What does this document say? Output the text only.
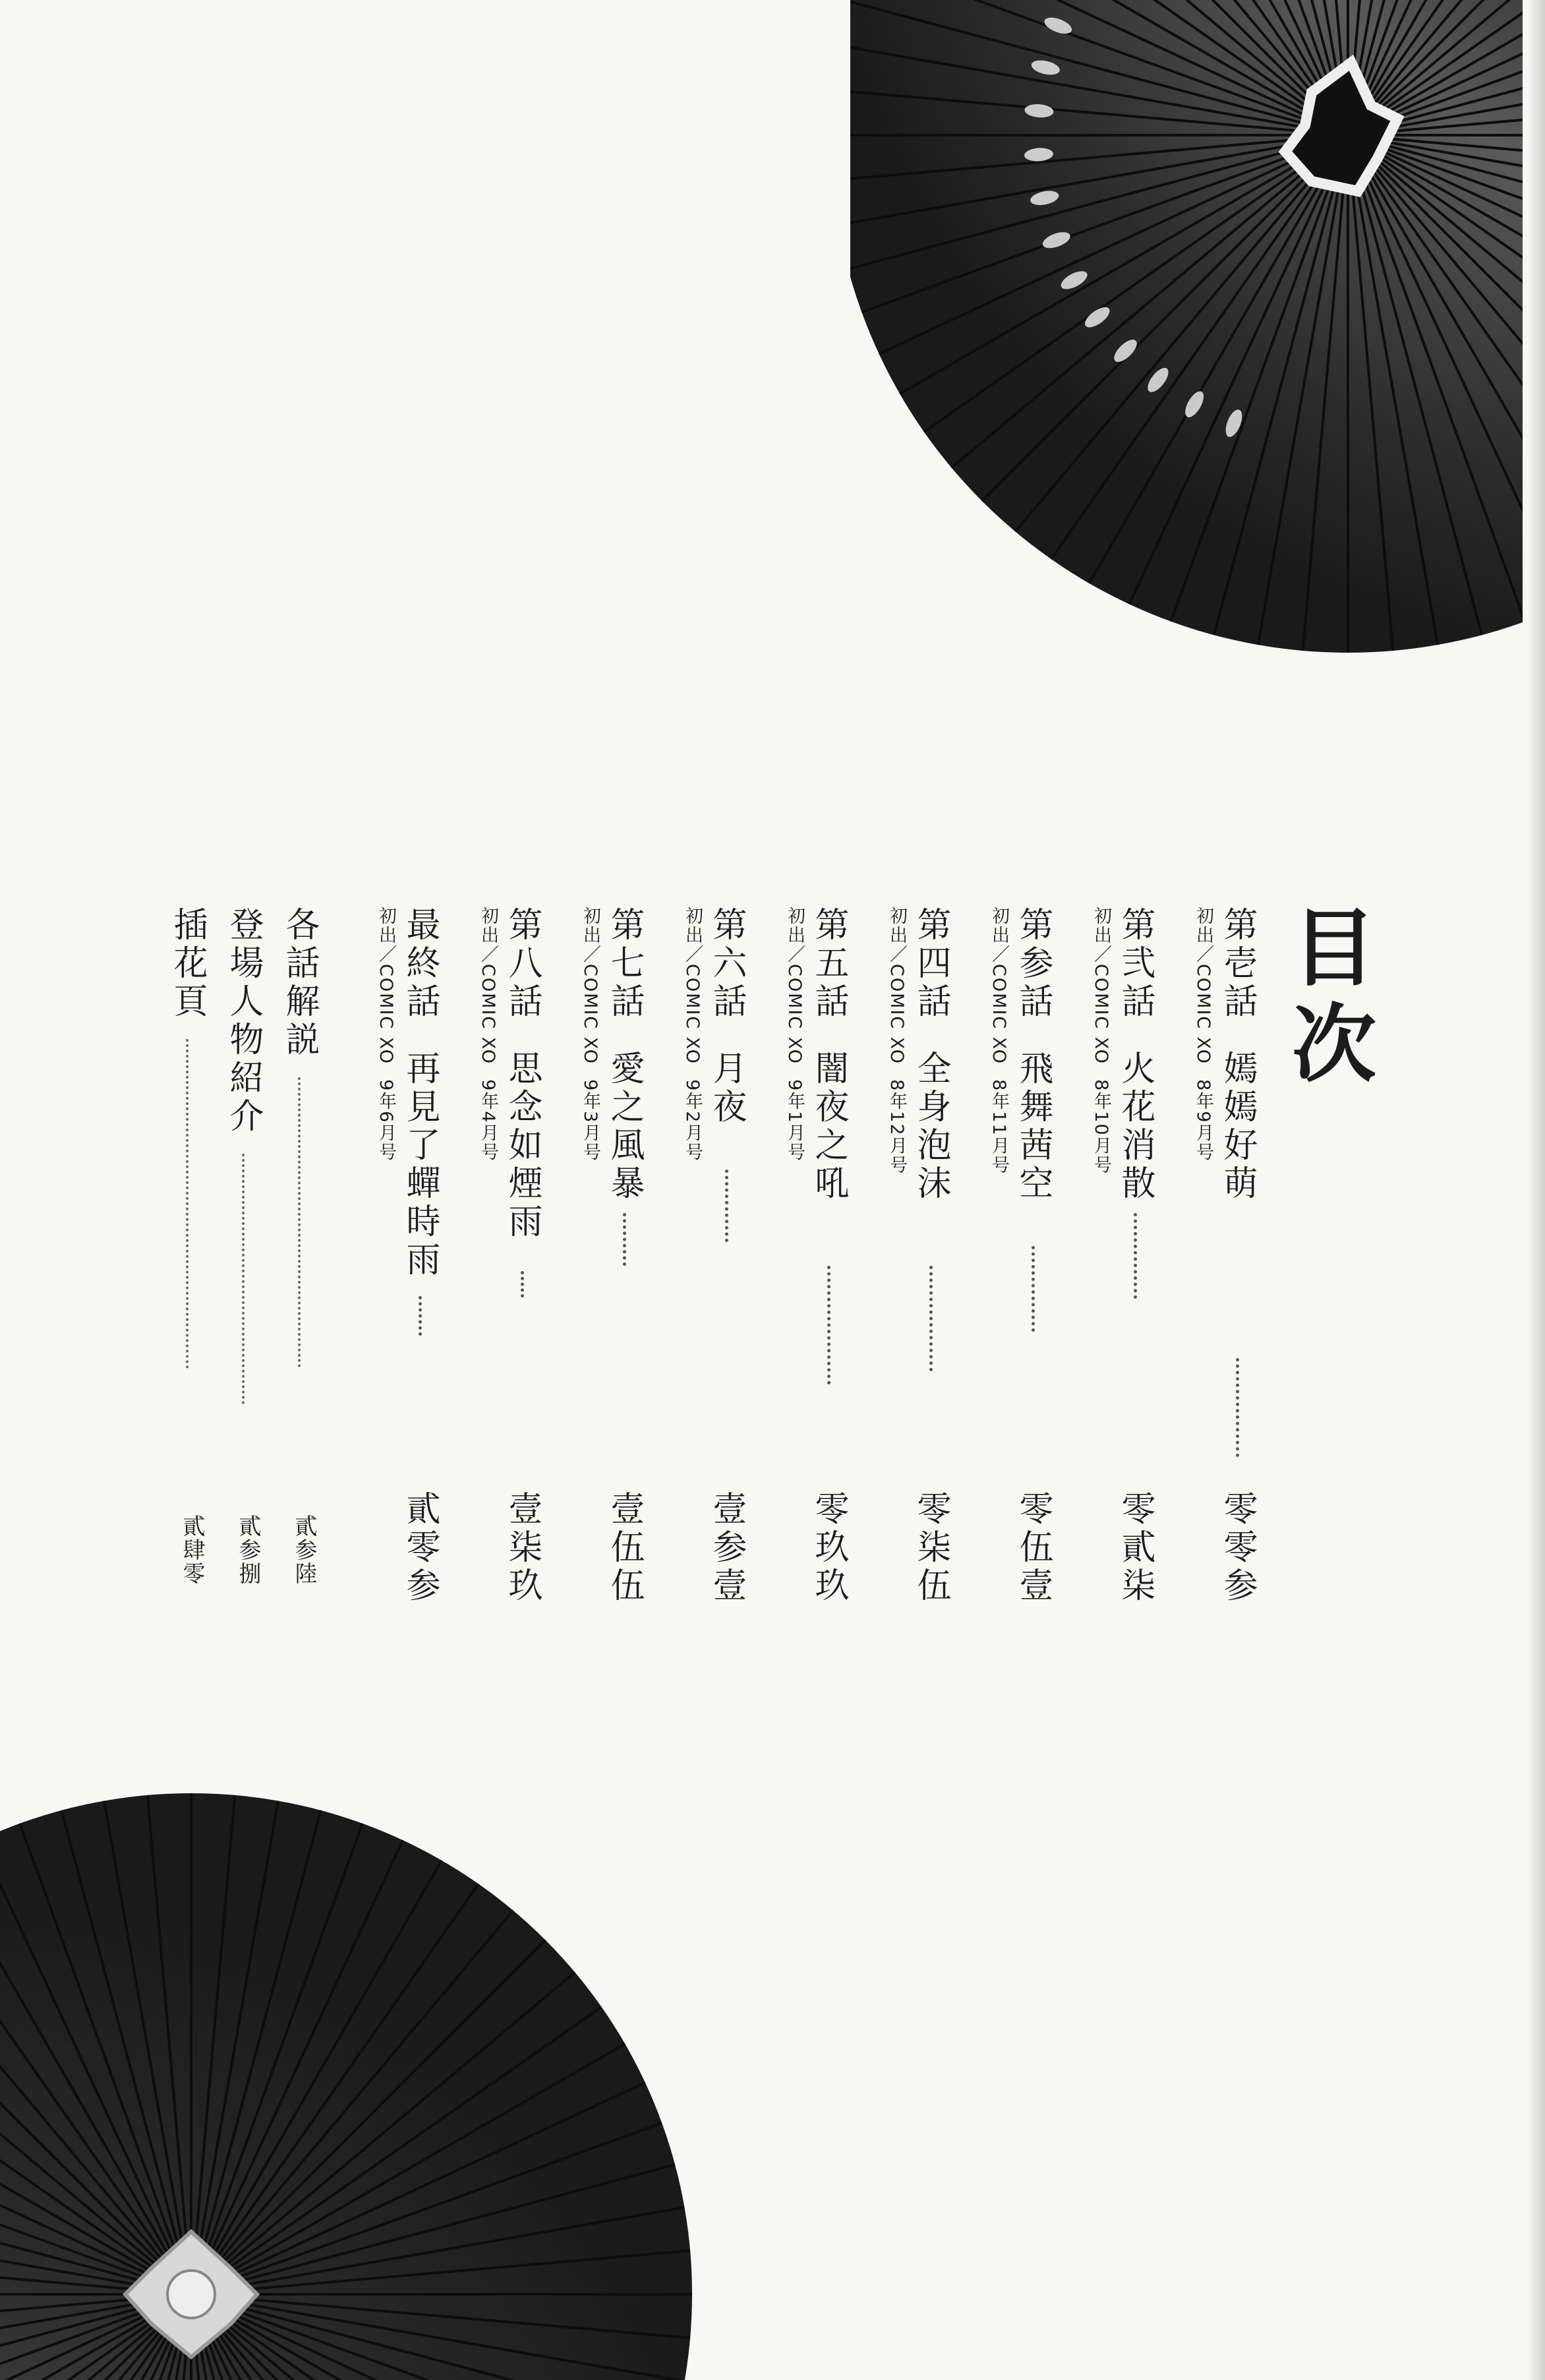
目次
第壱話嫣嫣好萌
零零参
初出／COMIC XO8年9月号
第弐話火花消散
零貳柒
初出／COMIC XO8年10月号
第参話飛舞茜空
零伍壹
初出／COMIC XO8年11月号
第四話全身泡沫
零柒伍
初出／COMIC XO8年12月号
第五話闇夜之吼
零玖玖
初出／COMIC XO9年1月号
第六話月夜
壹参壹
初出／COMIC XO9年2月号
第七話愛之風暴
壹伍伍
初出／COMIC XO9年3月号
第八話思念如煙雨
壹柒玖
初出／COMIC XO9年4月号
最終話再見了蟬時雨
貳零参
初出／COMIC XO9年6月号
各話解説
貳参陸
登場人物紹介
貳参捌
插花頁
貳肆零
